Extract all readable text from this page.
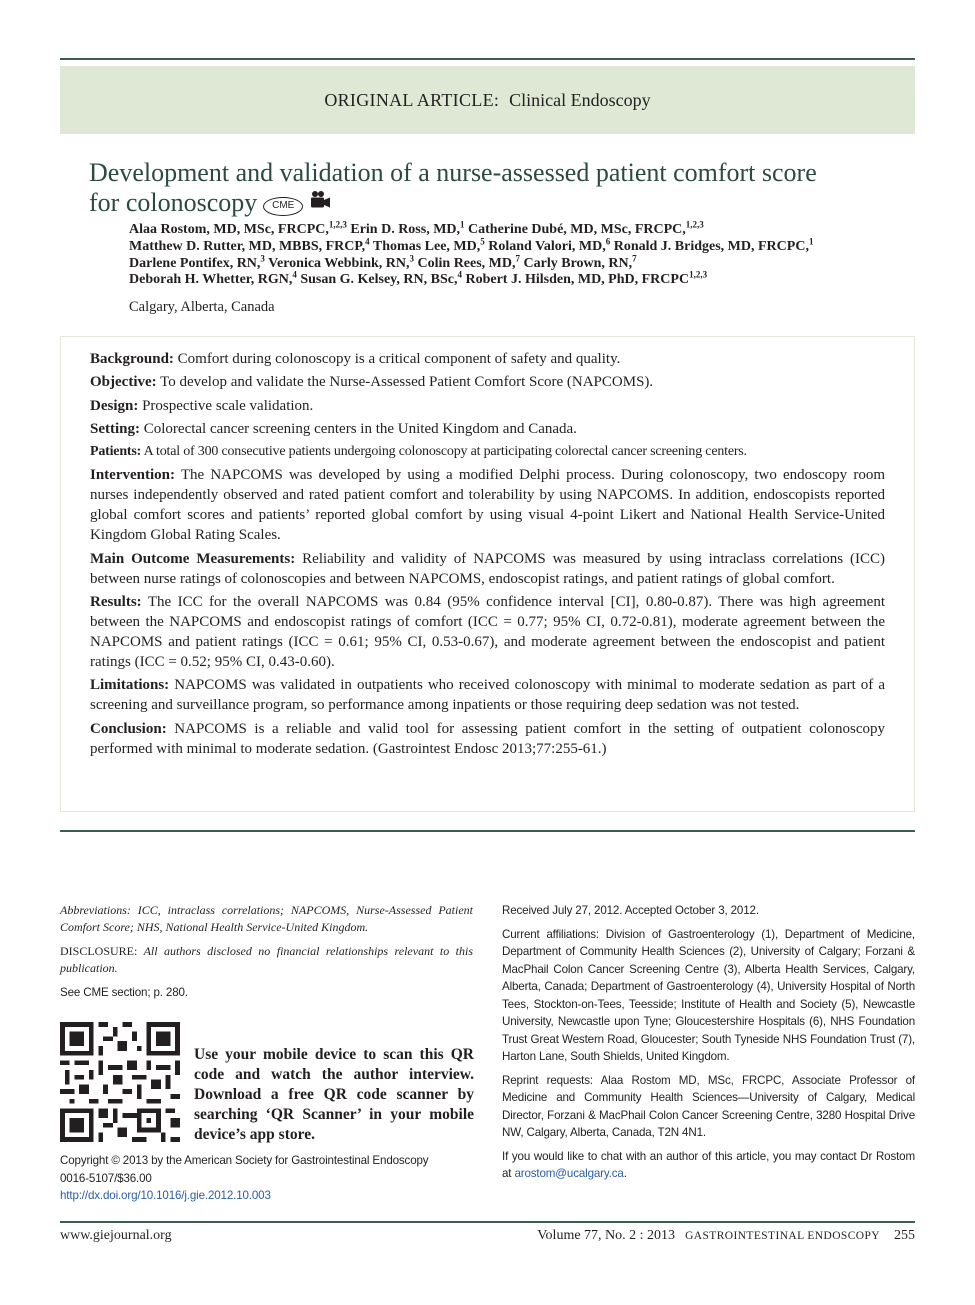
ORIGINAL ARTICLE: Clinical Endoscopy
Development and validation of a nurse-assessed patient comfort score
for colonoscopy CME
Alaa Rostom, MD, MSc, FRCPC,$^{1,2,3}$ Erin D. Ross, MD,$^1$ Catherine Dubé, MD, MSc, FRCPC,$^{1,2,3}$
Matthew D. Rutter, MD, MBBS, FRCP,$^4$ Thomas Lee, MD,$^5$ Roland Valori, MD,$^6$ Ronald J. Bridges, MD, FRCPC,$^1$
Darlene Pontifex, RN,$^3$ Veronica Webbink, RN,$^3$ Colin Rees, MD,$^7$ Carly Brown, RN,$^7$
Deborah H. Whetter, RGN,$^4$ Susan G. Kelsey, RN, BSc,$^4$ Robert J. Hilsden, MD, PhD, FRCPC$^{1,2,3}$
Calgary, Alberta, Canada

Background: Comfort during colonoscopy is a critical component of safety and quality.

Objective: To develop and validate the Nurse-Assessed Patient Comfort Score (NAPCOMS).

Design: Prospective scale validation.

Setting: Colorectal cancer screening centers in the United Kingdom and Canada.

Patients: A total of 300 consecutive patients undergoing colonoscopy at participating colorectal cancer screening centers.

Intervention: The NAPCOMS was developed by using a modified Delphi process. During colonoscopy, two endoscopy room nurses independently observed and rated patient comfort and tolerability by using NAPCOMS. In addition, endoscopists reported global comfort scores and patients’ reported global comfort by using visual 4-point Likert and National Health Service-United Kingdom Global Rating Scales.

Main Outcome Measurements: Reliability and validity of NAPCOMS was measured by using intraclass correlations (ICC) between nurse ratings of colonoscopies and between NAPCOMS, endoscopist ratings, and patient ratings of global comfort.

Results: The ICC for the overall NAPCOMS was 0.84 (95% confidence interval [CI], 0.80-0.87). There was high agreement between the NAPCOMS and endoscopist ratings of comfort (ICC = 0.77; 95% CI, 0.72-0.81), moderate agreement between the NAPCOMS and patient ratings (ICC = 0.61; 95% CI, 0.53-0.67), and moderate agreement between the endoscopist and patient ratings (ICC = 0.52; 95% CI, 0.43-0.60).

Limitations: NAPCOMS was validated in outpatients who received colonoscopy with minimal to moderate sedation as part of a screening and surveillance program, so performance among inpatients or those requiring deep sedation was not tested.

Conclusion: NAPCOMS is a reliable and valid tool for assessing patient comfort in the setting of outpatient colonoscopy performed with minimal to moderate sedation. (Gastrointest Endosc 2013;77:255-61.)

Abbreviations: ICC, intraclass correlations; NAPCOMS, Nurse-Assessed Patient Comfort Score; NHS, National Health Service-United Kingdom.

DISCLOSURE: All authors disclosed no financial relationships relevant to this publication.

See CME section; p. 280.

Use your mobile device to scan this QR code and watch the author interview. Download a free QR code scanner by searching ‘QR Scanner’ in your mobile device’s app store.

Copyright © 2013 by the American Society for Gastrointestinal Endoscopy

0016-5107/$36.00

http://dx.doi.org/10.1016/j.gie.2012.10.003

Received July 27, 2012. Accepted October 3, 2012.

Current affiliations: Division of Gastroenterology (1), Department of Medicine, Department of Community Health Sciences (2), University of Calgary; Forzani & MacPhail Colon Cancer Screening Centre (3), Alberta Health Services, Calgary, Alberta, Canada; Department of Gastroenterology (4), University Hospital of North Tees, Stockton-on-Tees, Teesside; Institute of Health and Society (5), Newcastle University, Newcastle upon Tyne; Gloucestershire Hospitals (6), NHS Foundation Trust Great Western Road, Gloucester; South Tyneside NHS Foundation Trust (7), Harton Lane, South Shields, United Kingdom.

Reprint requests: Alaa Rostom MD, MSc, FRCPC, Associate Professor of Medicine and Community Health Sciences—University of Calgary, Medical Director, Forzani & MacPhail Colon Cancer Screening Centre, 3280 Hospital Drive NW, Calgary, Alberta, Canada, T2N 4N1.

If you would like to chat with an author of this article, you may contact Dr Rostom at arostom@ucalgary.ca.

www.giejournal.org	Volume 77, No. 2 : 2013 GASTROINTESTINAL ENDOSCOPY 255
